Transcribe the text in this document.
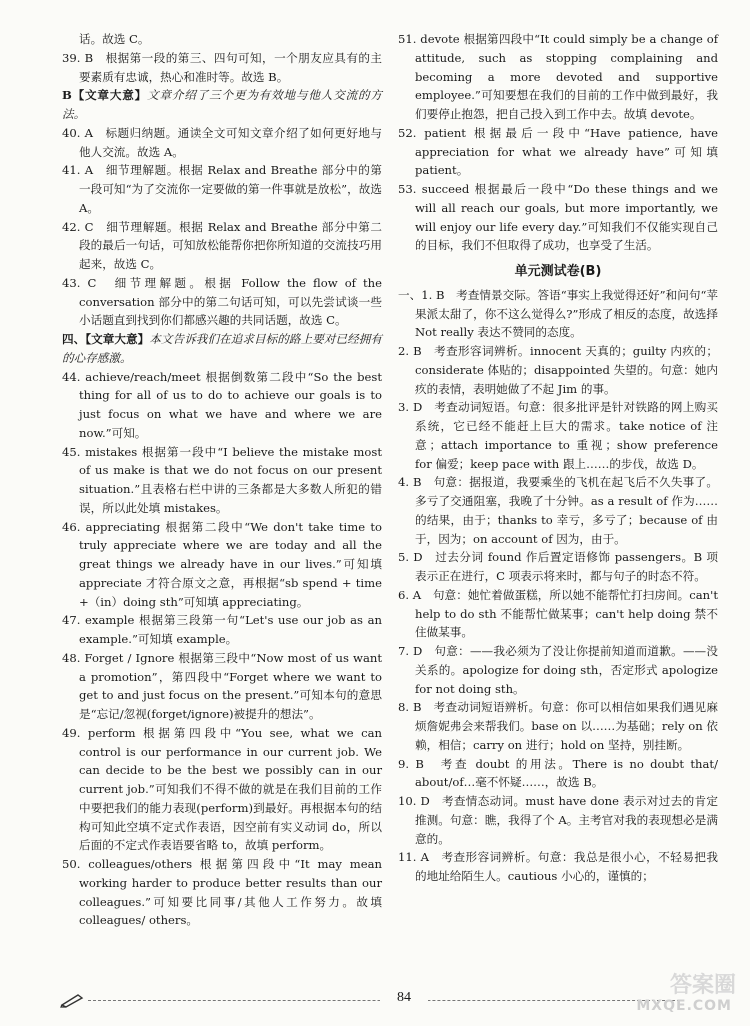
话。故选 C。

39. B　根据第一段的第三、四句可知，一个朋友应具有的主要素质有忠诚，热心和准时等。故选 B。

B【文章大意】文章介绍了三个更为有效地与他人交流的方法。

40. A　标题归纳题。通读全文可知文章介绍了如何更好地与他人交流。故选 A。

41. A　细节理解题。根据 Relax and Breathe 部分中的第一段可知“为了交流你一定要做的第一件事就是放松”，故选 A。

42. C　细节理解题。根据 Relax and Breathe 部分中第二段的最后一句话，可知放松能帮你把你所知道的交流技巧用起来，故选 C。

43. C　细节理解题。根据 Follow the flow of the conversation 部分中的第二句话可知，可以先尝试谈一些小话题直到找到你们都感兴趣的共同话题，故选 C。

四、【文章大意】本文告诉我们在追求目标的路上要对已经拥有的心存感激。

44. achieve/reach/meet 根据倒数第二段中“So the best thing for all of us to do to achieve our goals is to just focus on what we have and where we are now.”可知。

45. mistakes 根据第一段中“I believe the mistake most of us make is that we do not focus on our present situation.”且表格右栏中讲的三条都是大多数人所犯的错误，所以此处填 mistakes。

46. appreciating 根据第二段中“We don't take time to truly appreciate where we are today and all the great things we already have in our lives.”可知填 appreciate 才符合原文之意，再根据“sb spend + time +（in）doing sth”可知填 appreciating。

47. example 根据第三段第一句“Let's use our job as an example.”可知填 example。

48. Forget / Ignore 根据第三段中“Now most of us want a promotion”，第四段中“Forget where we want to get to and just focus on the present.”可知本句的意思是“忘记/忽视(forget/ignore)被提升的想法”。

49. perform 根据第四段中“You see, what we can control is our performance in our current job. We can decide to be the best we possibly can in our current job.”可知我们不得不做的就是在我们目前的工作中要把我们的能力表现(perform)到最好。再根据本句的结构可知此空填不定式作表语，因空前有实义动词 do，所以后面的不定式作表语要省略 to，故填 perform。

50. colleagues/others 根据第四段中“It may mean working harder to produce better results than our colleagues.”可知要比同事/其他人工作努力。故填 colleagues/ others。

51. devote 根据第四段中“It could simply be a change of attitude, such as stopping complaining and becoming a more devoted and supportive employee.”可知要想在我们的目前的工作中做到最好，我们要停止抱怨，把自己投入到工作中去。故填 devote。

52. patient 根据最后一段中“Have patience, have appreciation for what we already have”可知填 patient。

53. succeed 根据最后一段中“Do these things and we will all reach our goals, but more importantly, we will enjoy our life every day.”可知我们不仅能实现自己的目标，我们不但取得了成功，也享受了生活。

单元测试卷(B)

一、1. B　考查情景交际。答语“事实上我觉得还好”和问句“苹果派太甜了，你不这么觉得么?”形成了相反的态度，故选择 Not really 表达不赞同的态度。

2. B　考查形容词辨析。innocent 天真的；guilty 内疚的；considerate 体贴的；disappointed 失望的。句意：她内疚的表情，表明她做了不起 Jim 的事。

3. D　考查动词短语。句意：很多批评是针对铁路的网上购买系统，它已经不能赶上巨大的需求。take notice of 注意；attach importance to 重视；show preference for 偏爱；keep pace with 跟上……的步伐，故选 D。

4. B　句意：据报道，我要乘坐的飞机在起飞后不久失事了。多亏了交通阻塞，我晚了十分钟。as a result of 作为……的结果，由于；thanks to 幸亏，多亏了；because of 由于，因为；on account of 因为，由于。

5. D　过去分词 found 作后置定语修饰 passengers。B 项表示正在进行，C 项表示将来时，都与句子的时态不符。

6. A　句意：她忙着做蛋糕，所以她不能帮忙打扫房间。can't help to do sth 不能帮忙做某事；can't help doing 禁不住做某事。

7. D　句意：——我必须为了没让你提前知道而道歉。——没关系的。apologize for doing sth，否定形式 apologize for not doing sth。

8. B　考查动词短语辨析。句意：你可以相信如果我们遇见麻烦詹妮弗会来帮我们。base on 以……为基础；rely on 依赖，相信；carry on 进行；hold on 坚持，别挂断。

9. B　考查 doubt 的用法。There is no doubt that/ about/of…毫不怀疑……，故选 B。

10. D　考查情态动词。must have done 表示对过去的肯定推测。句意：瞧，我得了个 A。主考官对我的表现想必是满意的。

11. A　考查形容词辨析。句意：我总是很小心，不轻易把我的地址给陌生人。cautious 小心的，谨慎的；

84	答案圈
MXQE.COM
